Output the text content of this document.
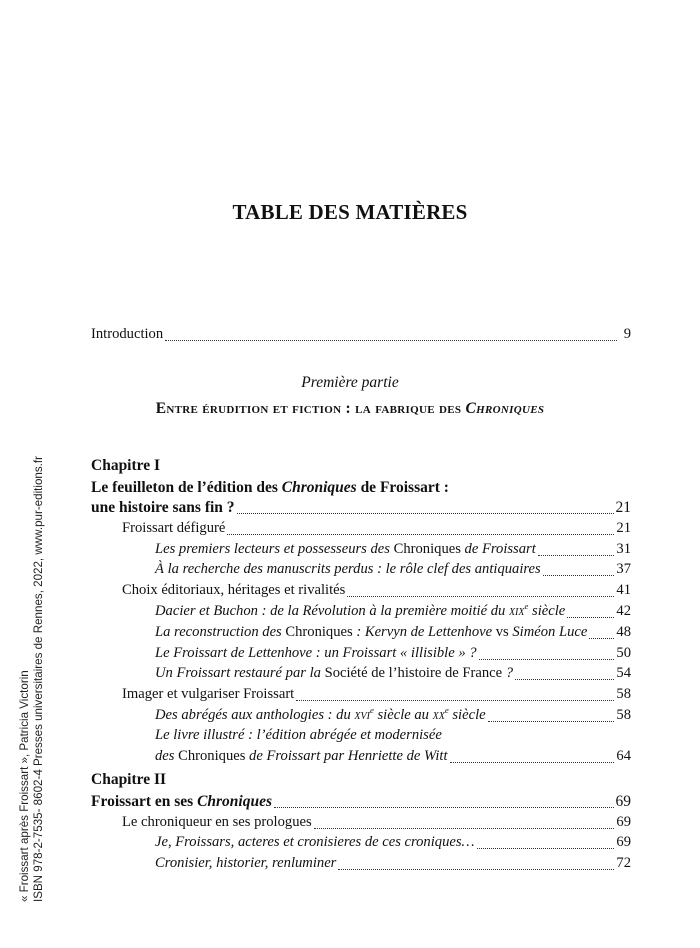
« Froissart après Froissart », Patricia Victorin ISBN 978-2-7535- 8602-4 Presses universitaires de Rennes, 2022, www.pur-editions.fr
TABLE DES MATIÈRES
Introduction	9
Première partie
Entre érudition et fiction : la fabrique des Chroniques
Chapitre I
Le feuilleton de l’édition des Chroniques de Froissart :
une histoire sans fin ?	21
Froissart défiguré	21
Les premiers lecteurs et possesseurs des Chroniques de Froissart	31
À la recherche des manuscrits perdus : le rôle clef des antiquaires	37
Choix éditoriaux, héritages et rivalités	41
Dacier et Buchon : de la Révolution à la première moitié du xix$^e$ siècle	42
La reconstruction des Chroniques : Kervyn de Lettenhove vs Siméon Luce 48
Le Froissart de Lettenhove : un Froissart « illisible » ?	50
Un Froissart restauré par la Société de l’histoire de France ?	54
Imager et vulgariser Froissart	58
Des abrégés aux anthologies : du xvi$^e$ siècle au $xx^e$ siècle	58
Le livre illustré : l’édition abrégée et modernisée
des Chroniques de Froissart par Henriette de Witt	64
Chapitre II
Froissart en ses Chroniques	69
Le chroniqueur en ses prologues	69
Je, Froissars, acteres et cronisieres de ces croniques…	69
Cronisier, historier, renluminer	72
